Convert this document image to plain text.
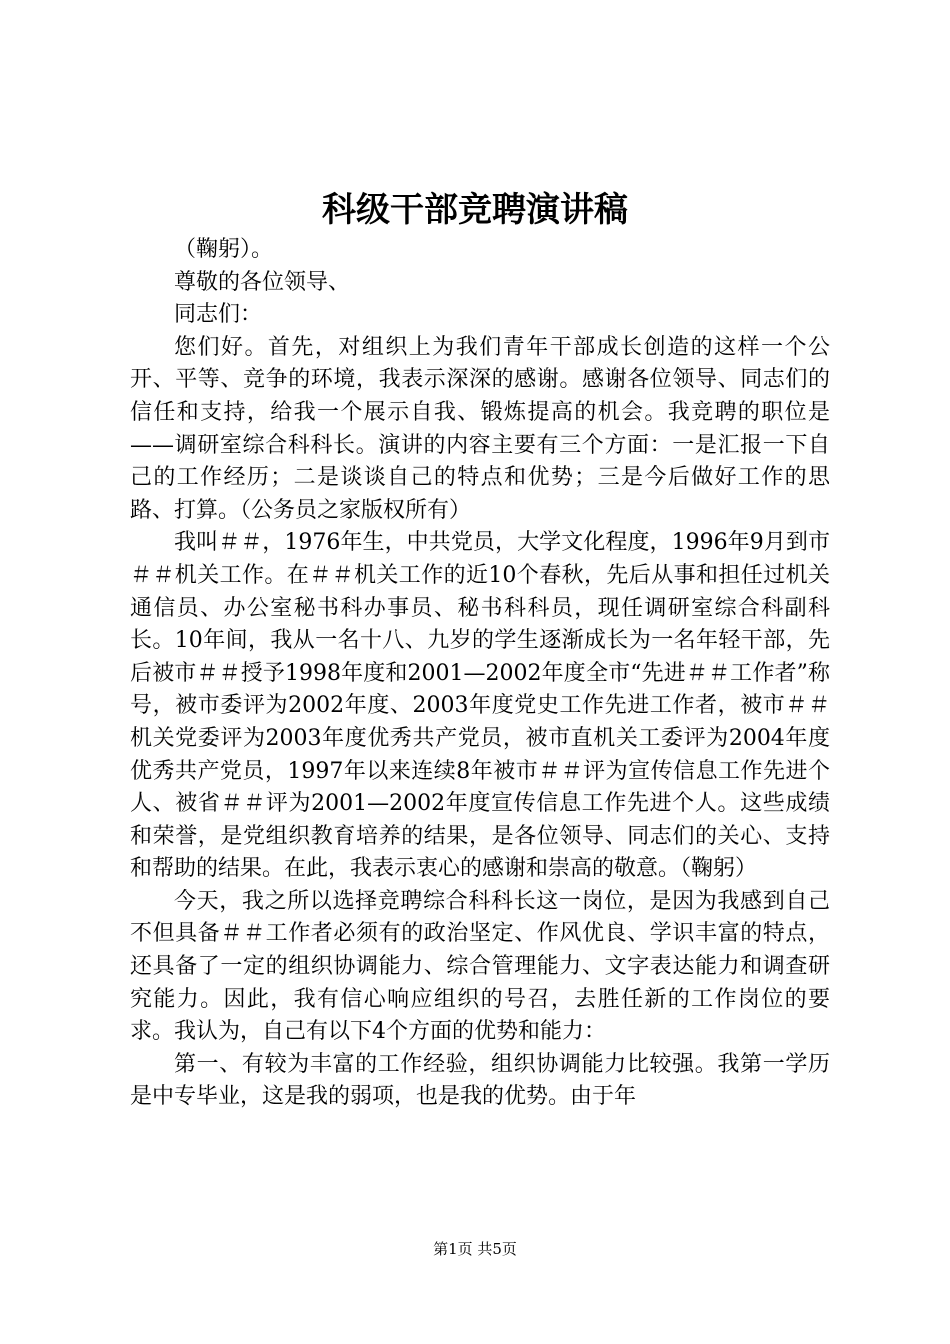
科级干部竞聘演讲稿

（鞠躬）。

尊敬的各位领导、

同志们：

您们好。首先，对组织上为我们青年干部成长创造的这样一个公开、平等、竞争的环境，我表示深深的感谢。感谢各位领导、同志们的信任和支持，给我一个展示自我、锻炼提高的机会。我竞聘的职位是——调研室综合科科长。演讲的内容主要有三个方面：一是汇报一下自己的工作经历；二是谈谈自己的特点和优势；三是今后做好工作的思路、打算。（公务员之家版权所有）

我叫＃＃，1976年生，中共党员，大学文化程度，1996年9月到市＃＃机关工作。在＃＃机关工作的近10个春秋，先后从事和担任过机关通信员、办公室秘书科办事员、秘书科科员，现任调研室综合科副科长。10年间，我从一名十八、九岁的学生逐渐成长为一名年轻干部，先后被市＃＃授予1998年度和2001—2002年度全市“先进＃＃工作者”称号，被市委评为2002年度、2003年度党史工作先进工作者，被市＃＃机关党委评为2003年度优秀共产党员，被市直机关工委评为2004年度优秀共产党员，1997年以来连续8年被市＃＃评为宣传信息工作先进个人、被省＃＃评为2001—2002年度宣传信息工作先进个人。这些成绩和荣誉，是党组织教育培养的结果，是各位领导、同志们的关心、支持和帮助的结果。在此，我表示衷心的感谢和崇高的敬意。（鞠躬）

今天，我之所以选择竞聘综合科科长这一岗位，是因为我感到自己不但具备＃＃工作者必须有的政治坚定、作风优良、学识丰富的特点，还具备了一定的组织协调能力、综合管理能力、文字表达能力和调查研究能力。因此，我有信心响应组织的号召，去胜任新的工作岗位的要求。我认为，自己有以下4个方面的优势和能力：

第一、有较为丰富的工作经验，组织协调能力比较强。我第一学历是中专毕业，这是我的弱项，也是我的优势。由于年

第1页 共5页
